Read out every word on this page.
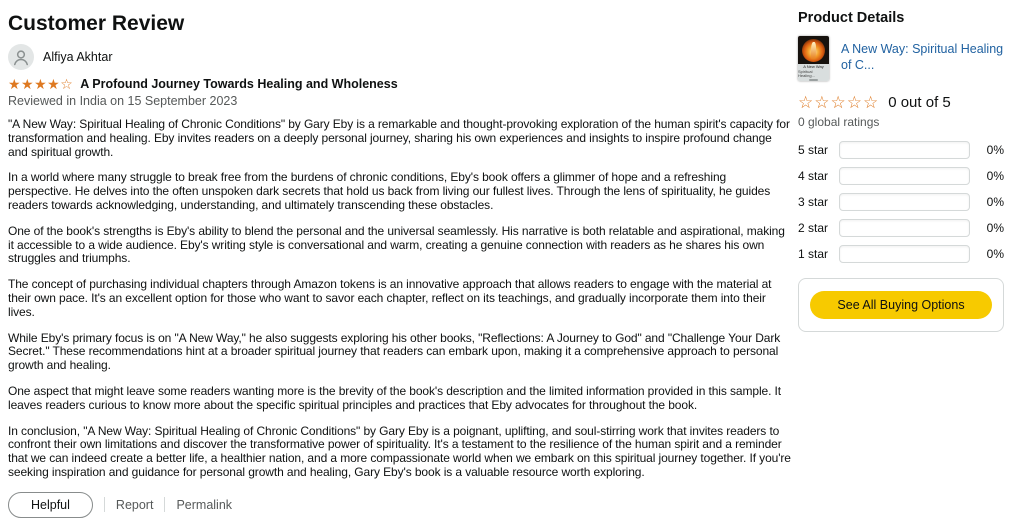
Customer Review
Alfiya Akhtar
★★★★☆ A Profound Journey Towards Healing and Wholeness
Reviewed in India on 15 September 2023

"A New Way: Spiritual Healing of Chronic Conditions" by Gary Eby is a remarkable and thought-provoking exploration of the human spirit's capacity for transformation and healing. Eby invites readers on a deeply personal journey, sharing his own experiences and insights to inspire profound change and spiritual growth.

In a world where many struggle to break free from the burdens of chronic conditions, Eby's book offers a glimmer of hope and a refreshing perspective. He delves into the often unspoken dark secrets that hold us back from living our fullest lives. Through the lens of spirituality, he guides readers towards acknowledging, understanding, and ultimately transcending these obstacles.

One of the book's strengths is Eby's ability to blend the personal and the universal seamlessly. His narrative is both relatable and aspirational, making it accessible to a wide audience. Eby's writing style is conversational and warm, creating a genuine connection with readers as he shares his own struggles and triumphs.

The concept of purchasing individual chapters through Amazon tokens is an innovative approach that allows readers to engage with the material at their own pace. It's an excellent option for those who want to savor each chapter, reflect on its teachings, and gradually incorporate them into their lives.

While Eby's primary focus is on "A New Way," he also suggests exploring his other books, "Reflections: A Journey to God" and "Challenge Your Dark Secret." These recommendations hint at a broader spiritual journey that readers can embark upon, making it a comprehensive approach to personal growth and healing.

One aspect that might leave some readers wanting more is the brevity of the book's description and the limited information provided in this sample. It leaves readers curious to know more about the specific spiritual principles and practices that Eby advocates for throughout the book.

In conclusion, "A New Way: Spiritual Healing of Chronic Conditions" by Gary Eby is a poignant, uplifting, and soul-stirring work that invites readers to confront their own limitations and discover the transformative power of spirituality. It's a testament to the resilience of the human spirit and a reminder that we can indeed create a better life, a healthier nation, and a more compassionate world when we embark on this spiritual journey together. If you're seeking inspiration and guidance for personal growth and healing, Gary Eby's book is a valuable resource worth exploring.

Helpful	Report Permalink
Product Details
A New Way
Spiritual Healing...
A New Way: Spiritual Healing of C...
☆☆☆☆☆ 0 out of 5
0 global ratings
5 star	0%
4 star	0%
3 star	0%
2 star	0%
1 star	0%
See All Buying Options
